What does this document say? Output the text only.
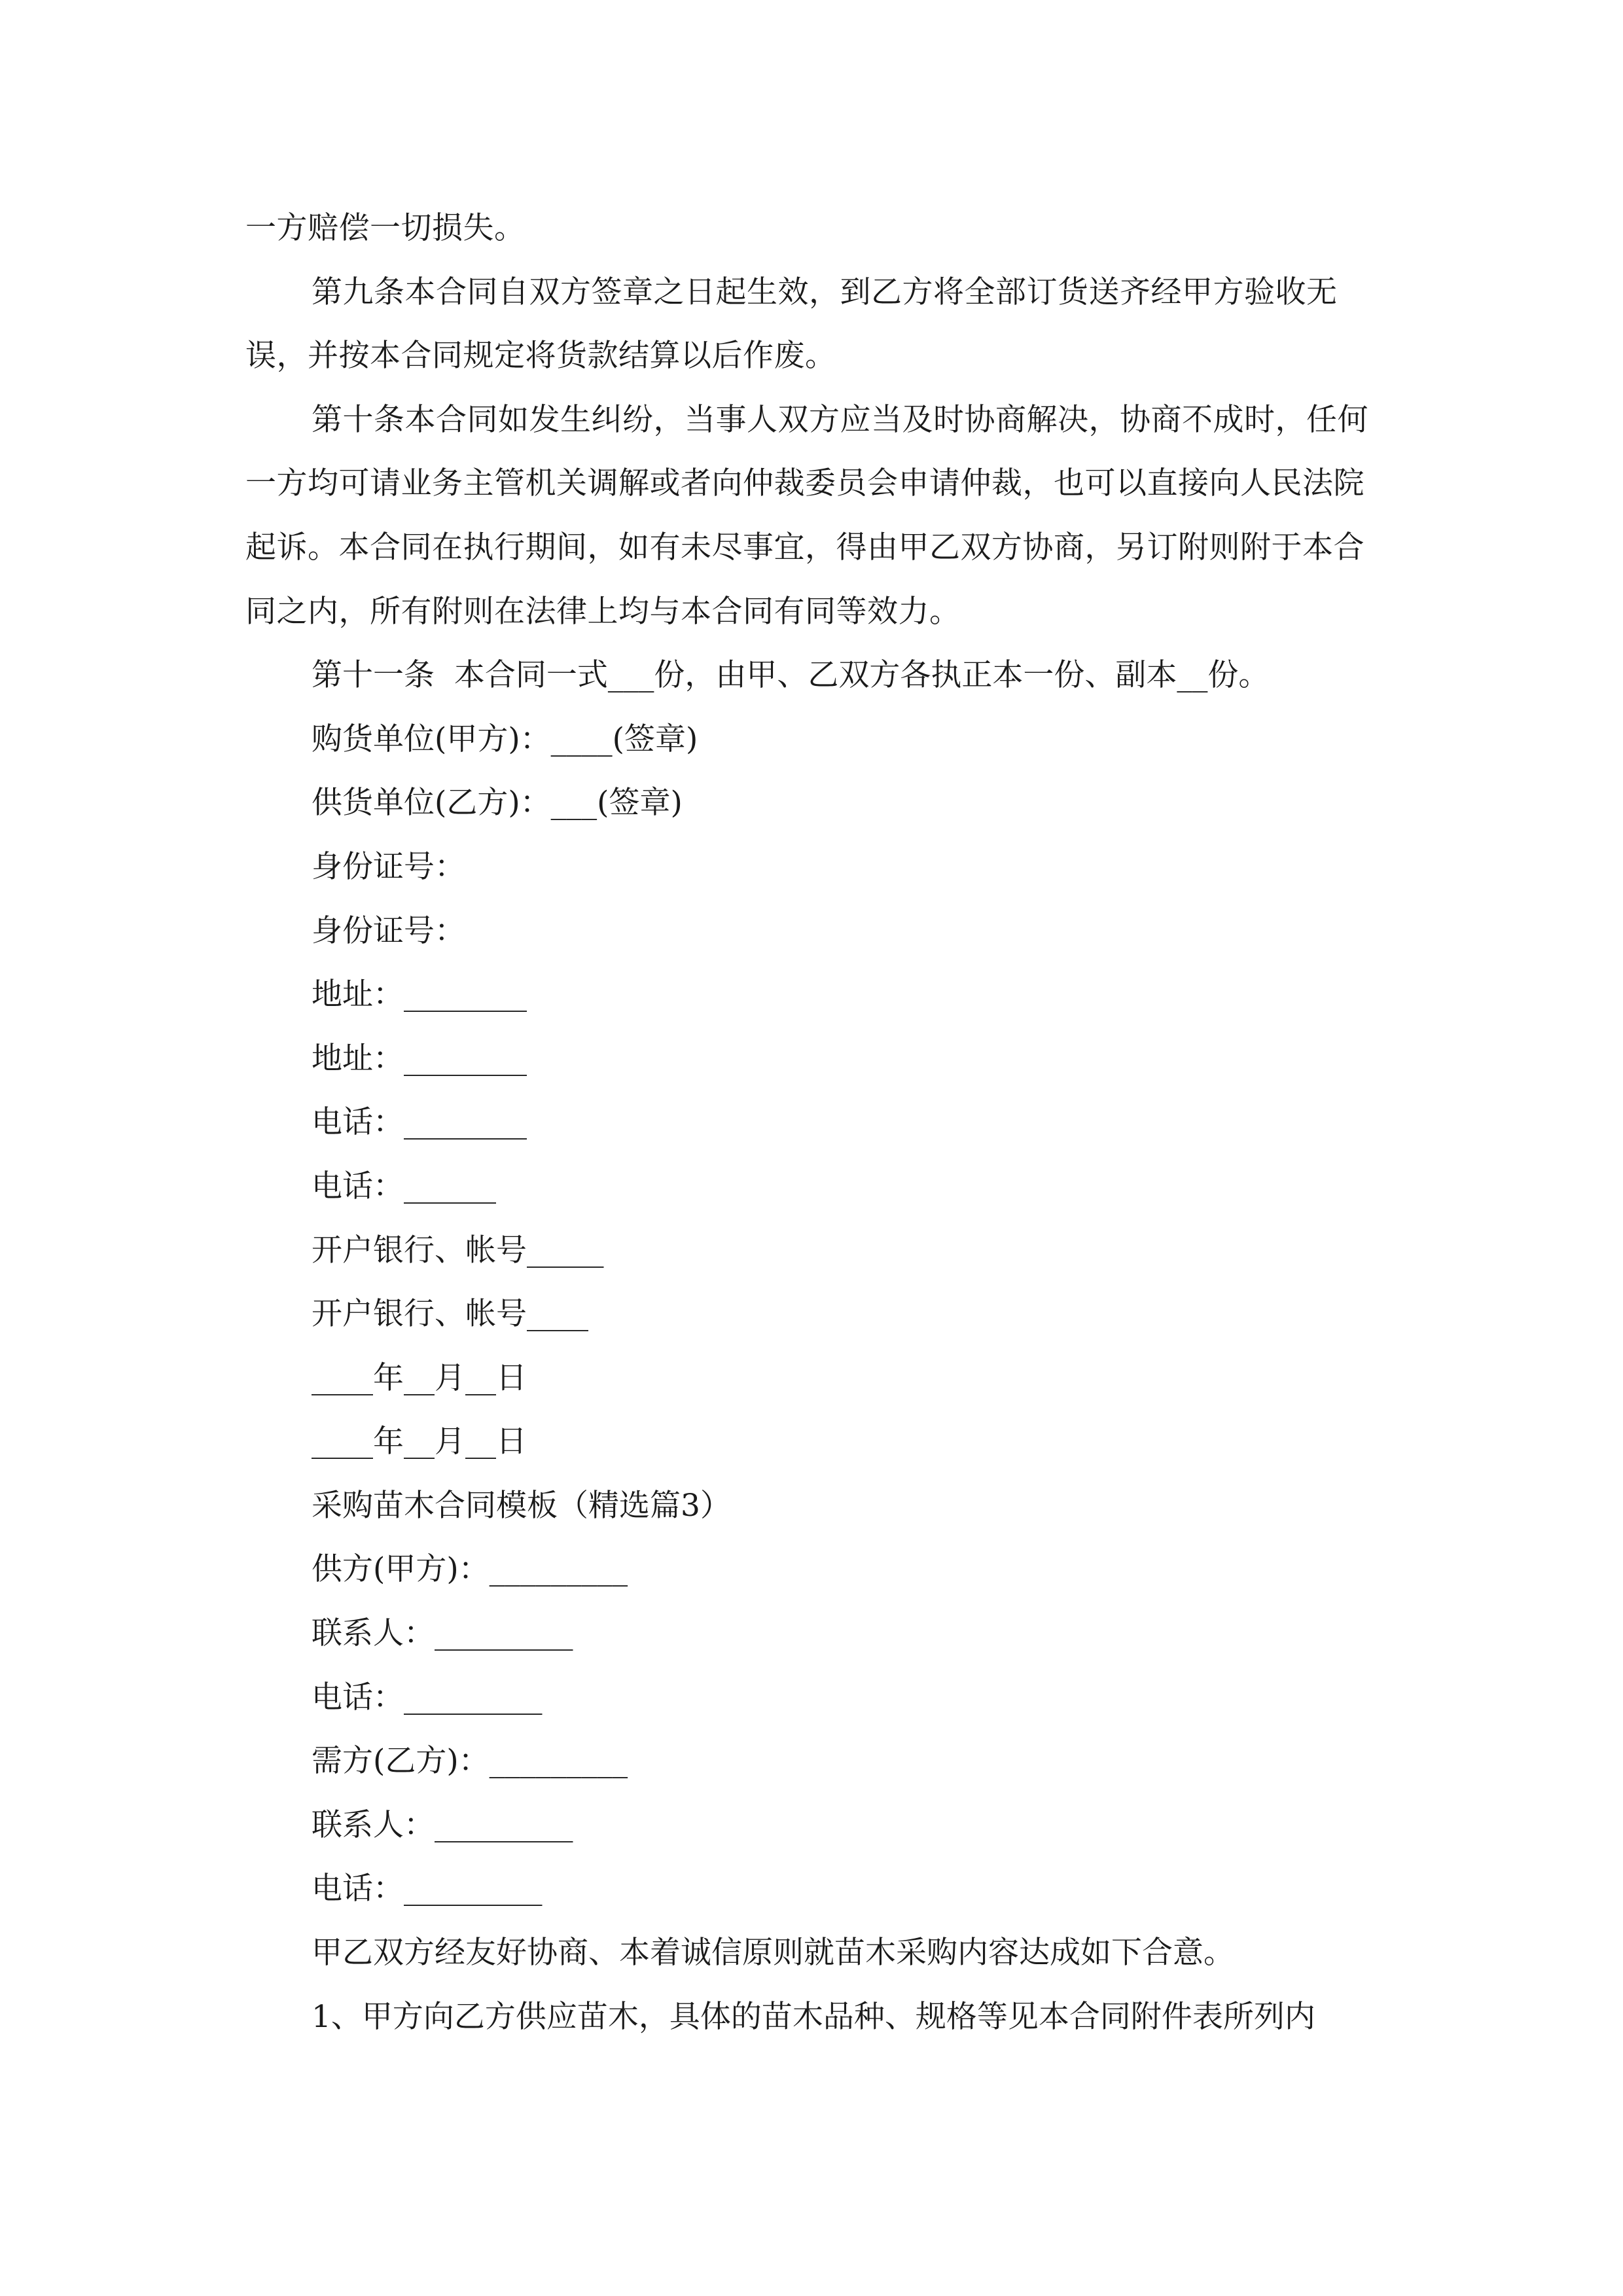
一方赔偿一切损失。

第九条本合同自双方签章之日起生效，到乙方将全部订货送齐经甲方验收无误，并按本合同规定将货款结算以后作废。

第十条本合同如发生纠纷，当事人双方应当及时协商解决，协商不成时，任何一方均可请业务主管机关调解或者向仲裁委员会申请仲裁，也可以直接向人民法院起诉。本合同在执行期间，如有未尽事宜，得由甲乙双方协商，另订附则附于本合同之内，所有附则在法律上均与本合同有同等效力。

第十一条  本合同一式___份，由甲、乙双方各执正本一份、副本__份。
购货单位(甲方)：____(签章)
供货单位(乙方)：___(签章)
身份证号：
身份证号：
地址：________
地址：________
电话：________
电话：______
开户银行、帐号_____
开户银行、帐号____
____年__月__日
____年__月__日
采购苗木合同模板（精选篇3）
供方(甲方)：_________
联系人：_________
电话：_________
需方(乙方)：_________
联系人：_________
电话：_________
甲乙双方经友好协商、本着诚信原则就苗木采购内容达成如下合意。
1、甲方向乙方供应苗木，具体的苗木品种、规格等见本合同附件表所列内
